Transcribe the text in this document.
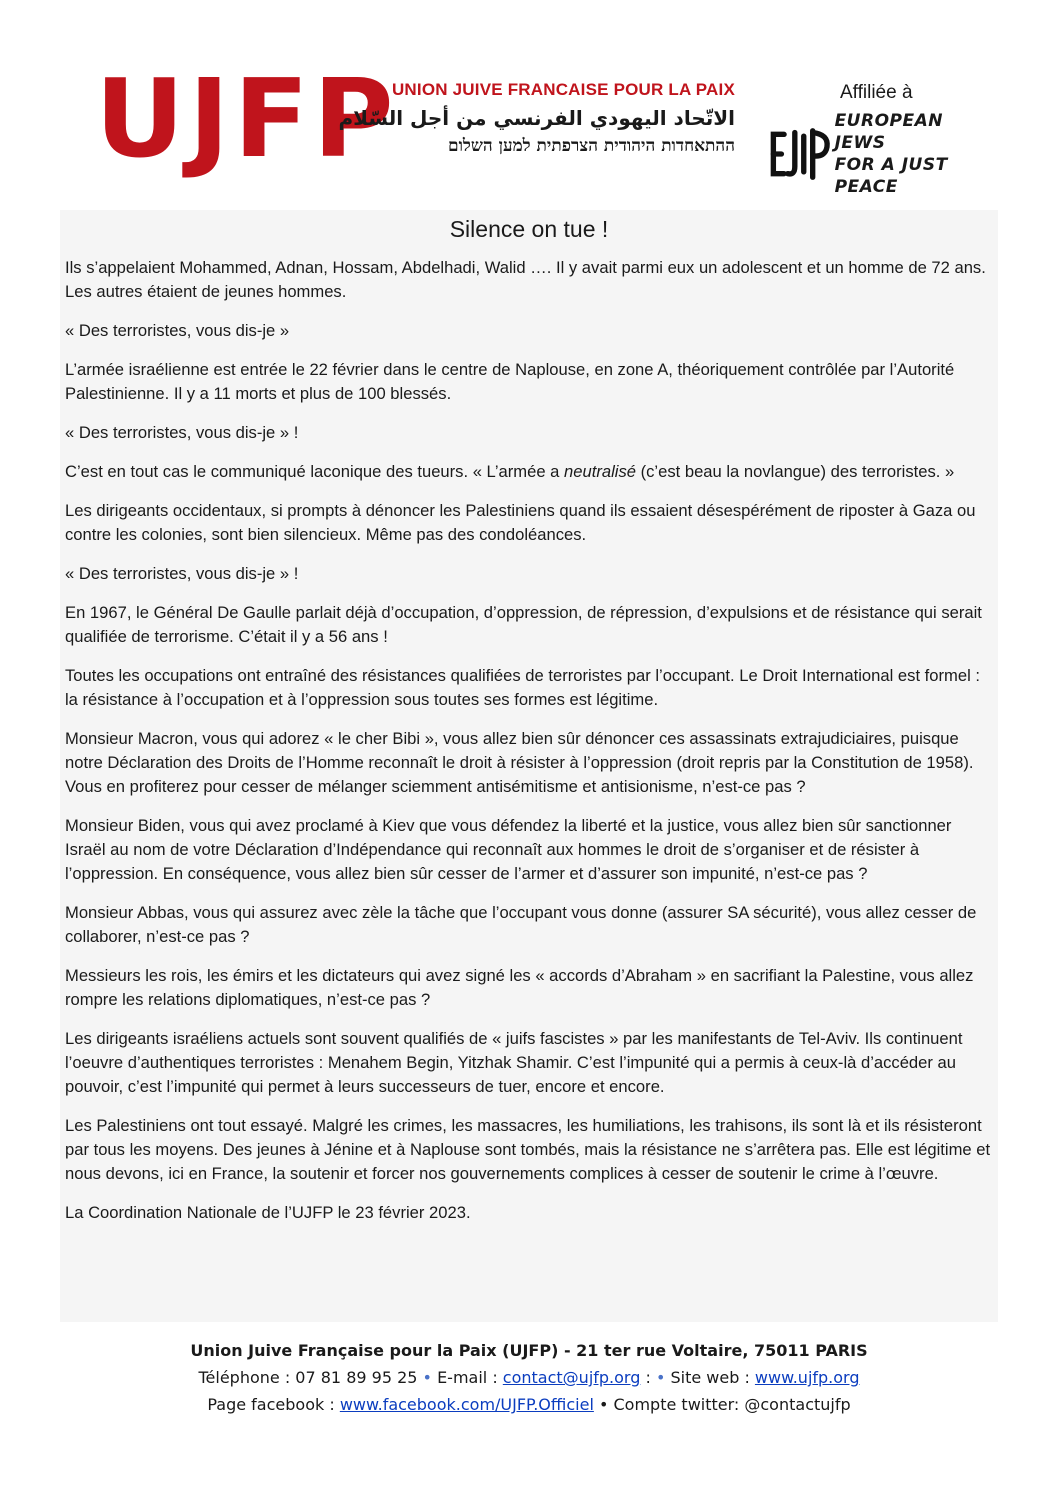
UJFP

UNION JUIVE FRANCAISE POUR LA PAIX

الاتّحاد اليهودي الفرنسي من أجل السّلام

ההתאחדות היהודית הצרפתית למען השלום

Affiliée à

EUROPEAN JEWS
FOR A JUST PEACE
Silence on tue !

Ils s’appelaient Mohammed, Adnan, Hossam, Abdelhadi, Walid …. Il y avait parmi eux un adolescent et un homme de 72 ans. Les autres étaient de jeunes hommes.

« Des terroristes, vous dis-je »

L’armée israélienne est entrée le 22 février dans le centre de Naplouse, en zone A, théoriquement contrôlée par l’Autorité Palestinienne. Il y a 11 morts et plus de 100 blessés.

« Des terroristes, vous dis-je » !

C’est en tout cas le communiqué laconique des tueurs. « L’armée a neutralisé (c’est beau la novlangue) des terroristes. »

Les dirigeants occidentaux, si prompts à dénoncer les Palestiniens quand ils essaient désespérément de riposter à Gaza ou contre les colonies, sont bien silencieux. Même pas des condoléances.

« Des terroristes, vous dis-je » !

En 1967, le Général De Gaulle parlait déjà d’occupation, d’oppression, de répression, d’expulsions et de résistance qui serait qualifiée de terrorisme. C’était il y a 56 ans !

Toutes les occupations ont entraîné des résistances qualifiées de terroristes par l’occupant. Le Droit International est formel : la résistance à l’occupation et à l’oppression sous toutes ses formes est légitime.

Monsieur Macron, vous qui adorez « le cher Bibi », vous allez bien sûr dénoncer ces assassinats extrajudiciaires, puisque notre Déclaration des Droits de l’Homme reconnaît le droit à résister à l’oppression (droit repris par la Constitution de 1958). Vous en profiterez pour cesser de mélanger sciemment antisémitisme et antisionisme, n’est-ce pas ?

Monsieur Biden, vous qui avez proclamé à Kiev que vous défendez la liberté et la justice, vous allez bien sûr sanctionner Israël au nom de votre Déclaration d’Indépendance qui reconnaît aux hommes le droit de s’organiser et de résister à l’oppression. En conséquence, vous allez bien sûr cesser de l’armer et d’assurer son impunité, n’est-ce pas ?

Monsieur Abbas, vous qui assurez avec zèle la tâche que l’occupant vous donne (assurer SA sécurité), vous allez cesser de collaborer, n’est-ce pas ?

Messieurs les rois, les émirs et les dictateurs qui avez signé les « accords d’Abraham » en sacrifiant la Palestine, vous allez rompre les relations diplomatiques, n’est-ce pas ?

Les dirigeants israéliens actuels sont souvent qualifiés de « juifs fascistes » par les manifestants de Tel-Aviv. Ils continuent l’oeuvre d’authentiques terroristes : Menahem Begin, Yitzhak Shamir. C’est l’impunité qui a permis à ceux-là d’accéder au pouvoir, c’est l’impunité qui permet à leurs successeurs de tuer, encore et encore.

Les Palestiniens ont tout essayé. Malgré les crimes, les massacres, les humiliations, les trahisons, ils sont là et ils résisteront par tous les moyens. Des jeunes à Jénine et à Naplouse sont tombés, mais la résistance ne s’arrêtera pas. Elle est légitime et nous devons, ici en France, la soutenir et forcer nos gouvernements complices à cesser de soutenir le crime à l’œuvre.

La Coordination Nationale de l’UJFP le 23 février 2023.

Union Juive Française pour la Paix (UJFP) - 21 ter rue Voltaire, 75011 PARIS

Téléphone : 07 81 89 95 25 • E-mail : contact@ujfp.org : • Site web : www.ujfp.org

Page facebook : www.facebook.com/UJFP.Officiel • Compte twitter: @contactujfp
